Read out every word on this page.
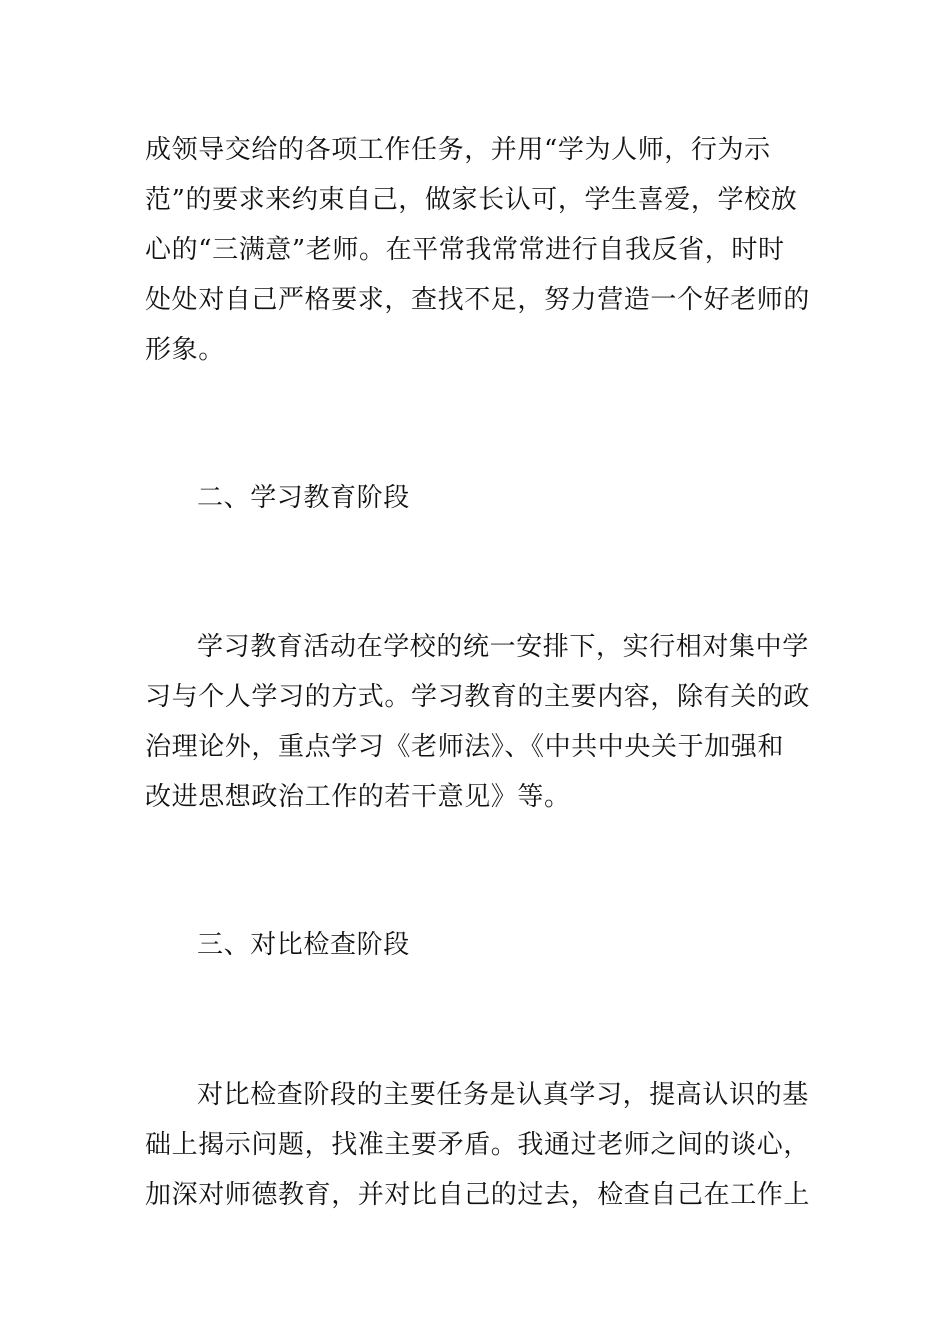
成领导交给的各项工作任务，并用“学为人师，行为示
范”的要求来约束自己，做家长认可，学生喜爱，学校放
心的“三满意”老师。在平常我常常进行自我反省，时时
处处对自己严格要求，查找不足，努力营造一个好老师的
形象。
二、学习教育阶段
学习教育活动在学校的统一安排下，实行相对集中学
习与个人学习的方式。学习教育的主要内容，除有关的政
治理论外，重点学习《老师法》、《中共中央关于加强和
改进思想政治工作的若干意见》等。
三、对比检查阶段
对比检查阶段的主要任务是认真学习，提高认识的基
础上揭示问题，找准主要矛盾。我通过老师之间的谈心，
加深对师德教育，并对比自己的过去，检查自己在工作上
